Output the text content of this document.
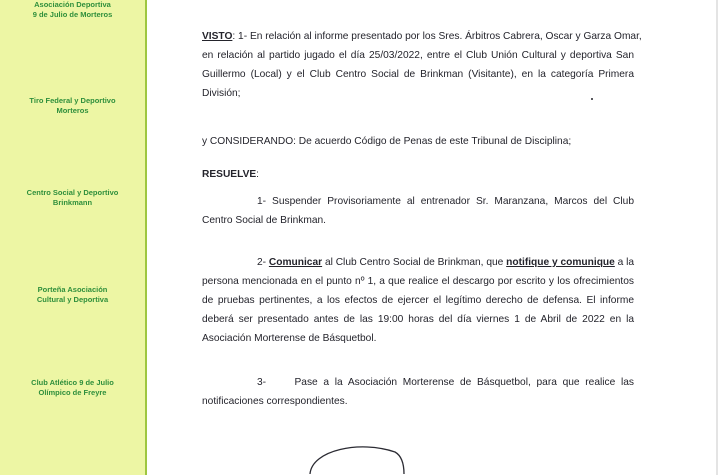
Asociación Deportiva
9 de Julio de Morteros
Tiro Federal y Deportivo
Morteros
Centro Social y Deportivo
Brinkmann
Porteña Asociación
Cultural y Deportiva
Club Atlético 9 de Julio
Olímpico de Freyre
VISTO: 1- En relación al informe presentado por los Sres. Árbitros Cabrera, Oscar y Garza Omar,
en relación al partido jugado el día 25/03/2022, entre el Club Unión Cultural y deportiva San
Guillermo (Local) y el Club Centro Social de Brinkman (Visitante), en la categoría Primera
División;
y CONSIDERANDO: De acuerdo Código de Penas de este Tribunal de Disciplina;
RESUELVE:
1- Suspender Provisoriamente al entrenador Sr. Maranzana, Marcos del Club
Centro Social de Brinkman.
2- Comunicar al Club Centro Social de Brinkman, que notifique y comunique a la
persona mencionada en el punto nº 1, a que realice el descargo por escrito y los ofrecimientos
de pruebas pertinentes, a los efectos de ejercer el legítimo derecho de defensa. El informe
deberá ser presentado antes de las 19:00 horas del día viernes 1 de Abril de 2022 en la
Asociación Morterense de Básquetbol.
3-     Pase a la Asociación Morterense de Básquetbol, para que realice las
notificaciones correspondientes.
